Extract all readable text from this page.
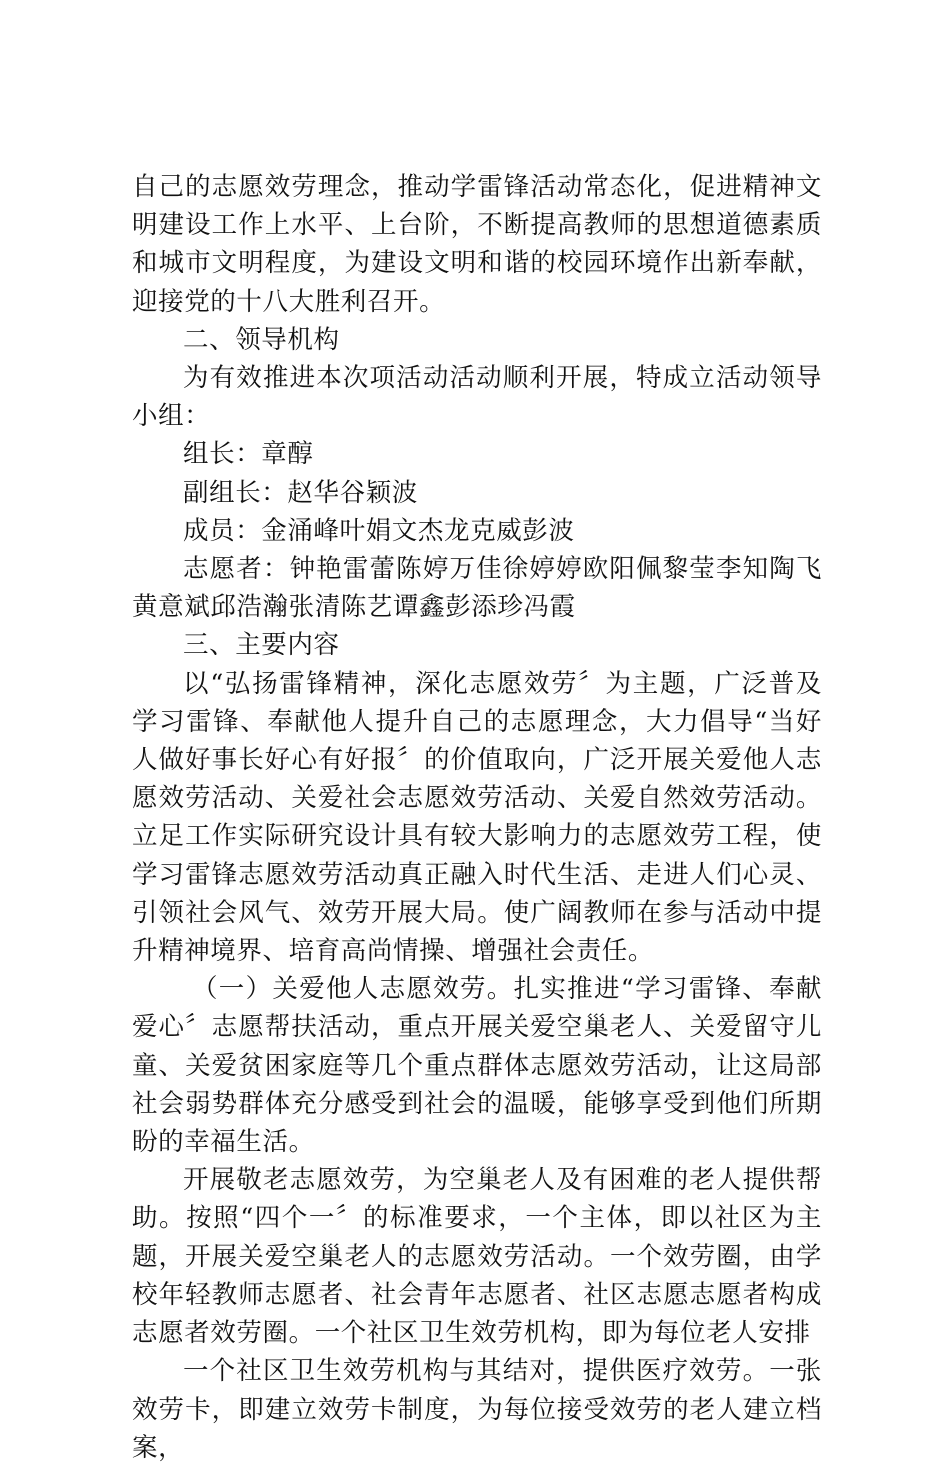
自己的志愿效劳理念，推动学雷锋活动常态化，促进精神文明建设工作上水平、上台阶，不断提高教师的思想道德素质和城市文明程度，为建设文明和谐的校园环境作出新奉献，迎接党的十八大胜利召开。

二、领导机构

为有效推进本次项活动活动顺利开展，特成立活动领导小组：

组长：章醇

副组长：赵华谷颖波

成员：金涌峰叶娟文杰龙克威彭波

志愿者：钟艳雷蕾陈婷万佳徐婷婷欧阳佩黎莹李知陶飞黄意斌邱浩瀚张清陈艺谭鑫彭添珍冯霞

三、主要内容

以“弘扬雷锋精神，深化志愿效劳〞为主题，广泛普及学习雷锋、奉献他人提升自己的志愿理念，大力倡导“当好人做好事长好心有好报〞的价值取向，广泛开展关爱他人志愿效劳活动、关爱社会志愿效劳活动、关爱自然效劳活动。立足工作实际研究设计具有较大影响力的志愿效劳工程，使学习雷锋志愿效劳活动真正融入时代生活、走进人们心灵、引领社会风气、效劳开展大局。使广阔教师在参与活动中提升精神境界、培育高尚情操、增强社会责任。

（一）关爱他人志愿效劳。扎实推进“学习雷锋、奉献爱心〞志愿帮扶活动，重点开展关爱空巢老人、关爱留守儿童、关爱贫困家庭等几个重点群体志愿效劳活动，让这局部社会弱势群体充分感受到社会的温暖，能够享受到他们所期盼的幸福生活。

开展敬老志愿效劳，为空巢老人及有困难的老人提供帮助。按照“四个一〞的标准要求，一个主体，即以社区为主题，开展关爱空巢老人的志愿效劳活动。一个效劳圈，由学校年轻教师志愿者、社会青年志愿者、社区志愿志愿者构成志愿者效劳圈。一个社区卫生效劳机构，即为每位老人安排

一个社区卫生效劳机构与其结对，提供医疗效劳。一张效劳卡，即建立效劳卡制度，为每位接受效劳的老人建立档案，
